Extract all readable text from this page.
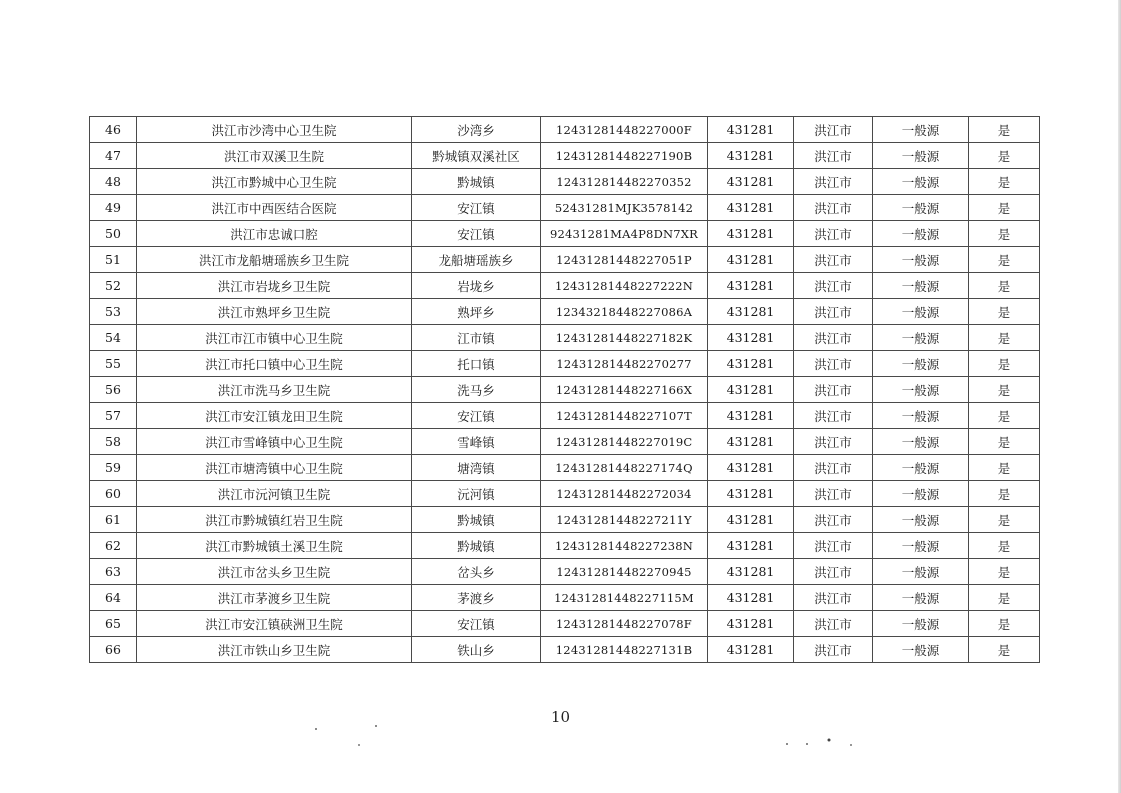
46	洪江市沙湾中心卫生院	沙湾乡	12431281448227000F	431281	洪江市	一般源	是
47	洪江市双溪卫生院	黔城镇双溪社区	12431281448227190B	431281	洪江市	一般源	是
48	洪江市黔城中心卫生院	黔城镇	124312814482270352	431281	洪江市	一般源	是
49	洪江市中西医结合医院	安江镇	52431281MJK3578142	431281	洪江市	一般源	是
50	洪江市忠诚口腔	安江镇	92431281MA4P8DN7XR	431281	洪江市	一般源	是
51	洪江市龙船塘瑶族乡卫生院	龙船塘瑶族乡	12431281448227051P	431281	洪江市	一般源	是
52	洪江市岩垅乡卫生院	岩垅乡	12431281448227222N	431281	洪江市	一般源	是
53	洪江市熟坪乡卫生院	熟坪乡	12343218448227086A	431281	洪江市	一般源	是
54	洪江市江市镇中心卫生院	江市镇	12431281448227182K	431281	洪江市	一般源	是
55	洪江市托口镇中心卫生院	托口镇	124312814482270277	431281	洪江市	一般源	是
56	洪江市洗马乡卫生院	洗马乡	12431281448227166X	431281	洪江市	一般源	是
57	洪江市安江镇龙田卫生院	安江镇	12431281448227107T	431281	洪江市	一般源	是
58	洪江市雪峰镇中心卫生院	雪峰镇	12431281448227019C	431281	洪江市	一般源	是
59	洪江市塘湾镇中心卫生院	塘湾镇	12431281448227174Q	431281	洪江市	一般源	是
60	洪江市沅河镇卫生院	沅河镇	124312814482272034	431281	洪江市	一般源	是
61	洪江市黔城镇红岩卫生院	黔城镇	12431281448227211Y	431281	洪江市	一般源	是
62	洪江市黔城镇土溪卫生院	黔城镇	12431281448227238N	431281	洪江市	一般源	是
63	洪江市岔头乡卫生院	岔头乡	124312814482270945	431281	洪江市	一般源	是
64	洪江市茅渡乡卫生院	茅渡乡	12431281448227115M	431281	洪江市	一般源	是
65	洪江市安江镇硖洲卫生院	安江镇	12431281448227078F	431281	洪江市	一般源	是
66	洪江市铁山乡卫生院	铁山乡	12431281448227131B	431281	洪江市	一般源	是
10
